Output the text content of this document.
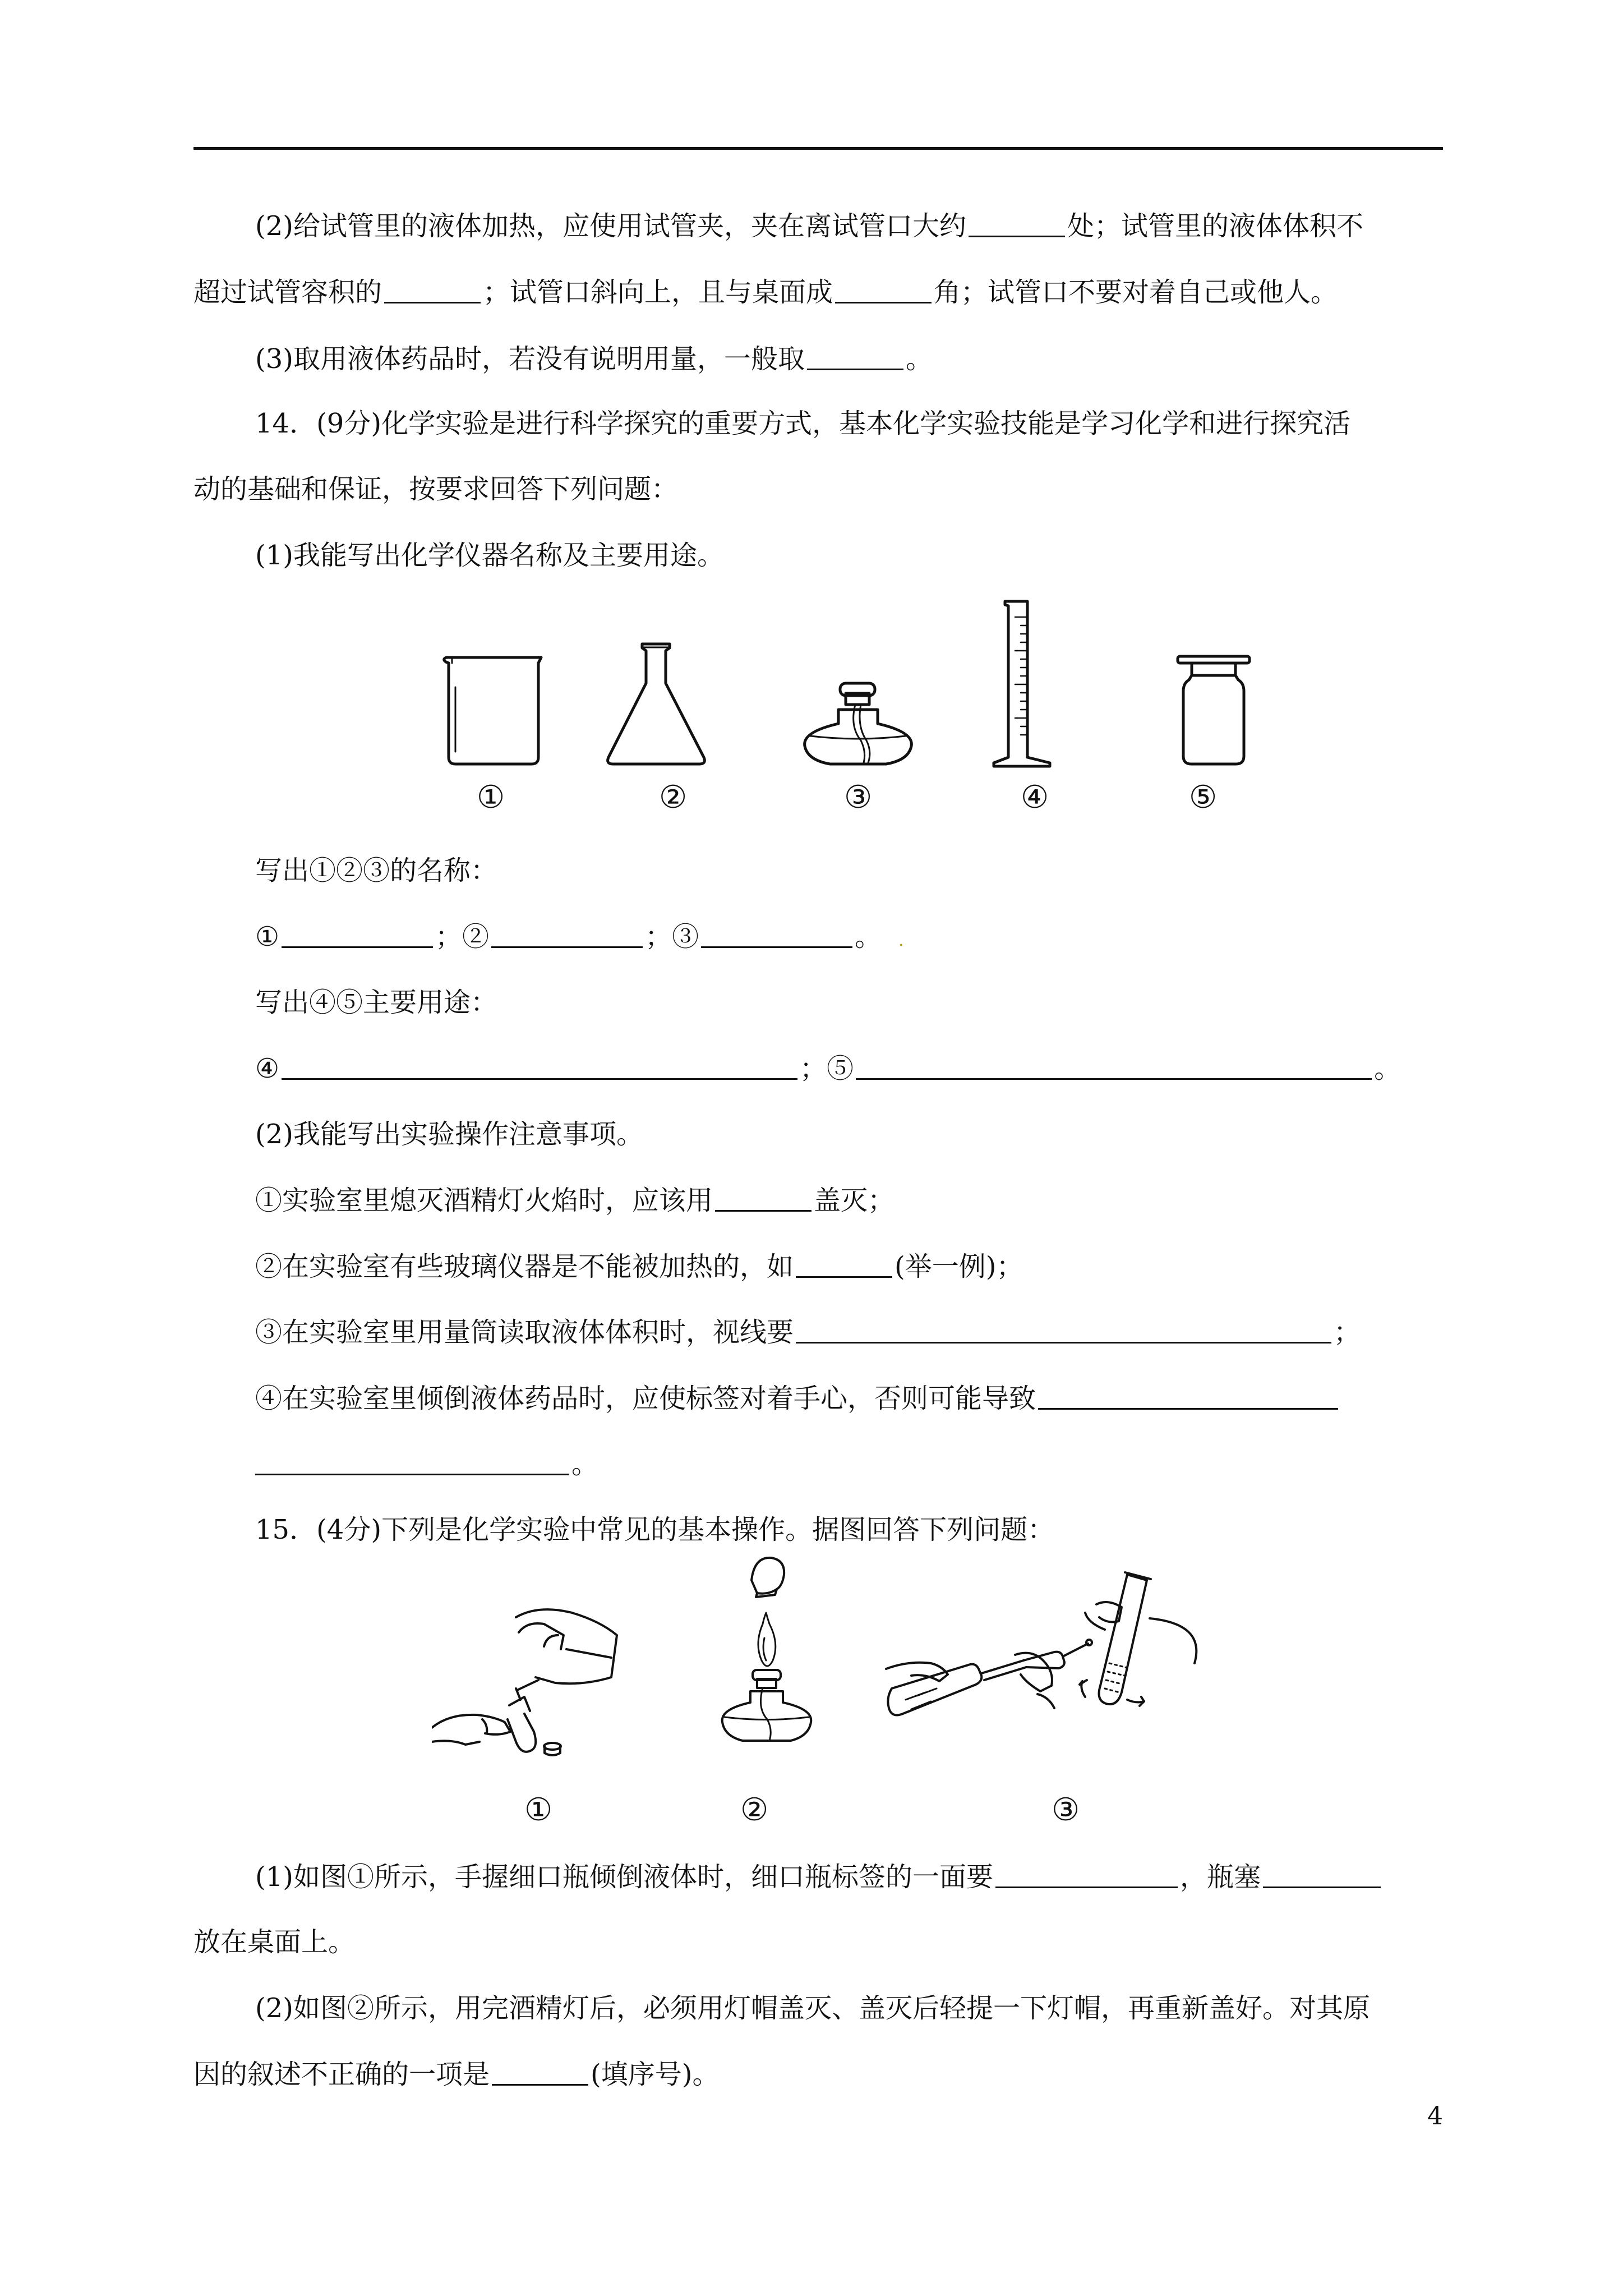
(2)给试管里的液体加热，应使用试管夹，夹在离试管口大约	处；试管里的液体体积不
超过试管容积的	；试管口斜向上，且与桌面成	角；试管口不要对着自己或他人。
(3)取用液体药品时，若没有说明用量，一般取	。
14．(9分)化学实验是进行科学探究的重要方式，基本化学实验技能是学习化学和进行探究活
动的基础和保证，按要求回答下列问题：
(1)我能写出化学仪器名称及主要用途。
①	②	③	④	⑤
写出①②③的名称：
①	；②	；③	。 .
写出④⑤主要用途：
④	；⑤	。
(2)我能写出实验操作注意事项。
①实验室里熄灭酒精灯火焰时，应该用	盖灭；
②在实验室有些玻璃仪器是不能被加热的，如	(举一例)；
③在实验室里用量筒读取液体体积时，视线要	；
④在实验室里倾倒液体药品时，应使标签对着手心，否则可能导致
。
15．(4分)下列是化学实验中常见的基本操作。据图回答下列问题：
①	②	③
(1)如图①所示，手握细口瓶倾倒液体时，细口瓶标签的一面要	，瓶塞
放在桌面上。
(2)如图②所示，用完酒精灯后，必须用灯帽盖灭、盖灭后轻提一下灯帽，再重新盖好。对其原
因的叙述不正确的一项是	(填序号)。
4
